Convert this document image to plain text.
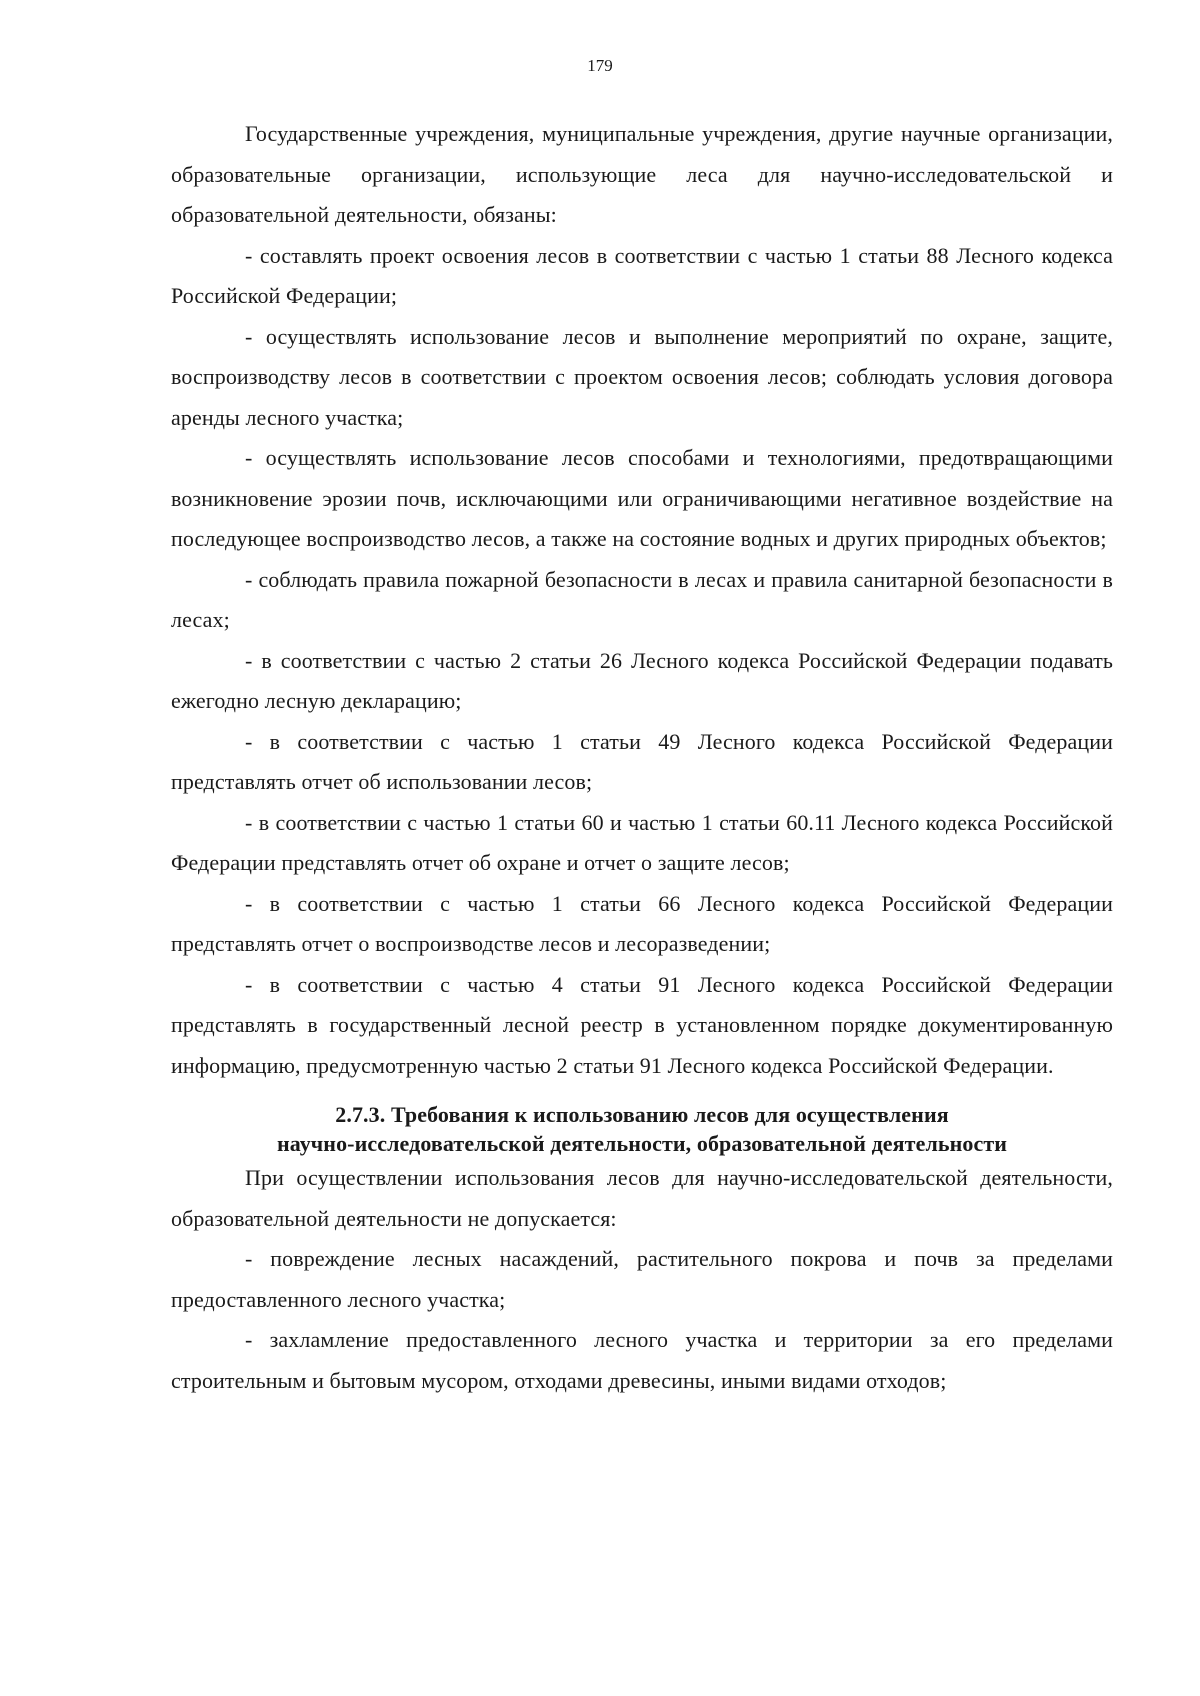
179

Государственные учреждения, муниципальные учреждения, другие научные организации, образовательные организации, использующие леса для научно-исследовательской и образовательной деятельности, обязаны:

- составлять проект освоения лесов в соответствии с частью 1 статьи 88 Лесного кодекса Российской Федерации;

- осуществлять использование лесов и выполнение мероприятий по охране, защите, воспроизводству лесов в соответствии с проектом освоения лесов; соблюдать условия договора аренды лесного участка;

- осуществлять использование лесов способами и технологиями, предотвращающими возникновение эрозии почв, исключающими или ограничивающими негативное воздействие на последующее воспроизводство лесов, а также на состояние водных и других природных объектов;

- соблюдать правила пожарной безопасности в лесах и правила санитарной безопасности в лесах;

- в соответствии с частью 2 статьи 26 Лесного кодекса Российской Федерации подавать ежегодно лесную декларацию;

- в соответствии с частью 1 статьи 49 Лесного кодекса Российской Федерации представлять отчет об использовании лесов;

- в соответствии с частью 1 статьи 60 и частью 1 статьи 60.11 Лесного кодекса Российской Федерации представлять отчет об охране и отчет о защите лесов;

- в соответствии с частью 1 статьи 66 Лесного кодекса Российской Федерации представлять отчет о воспроизводстве лесов и лесоразведении;

- в соответствии с частью 4 статьи 91 Лесного кодекса Российской Федерации представлять в государственный лесной реестр в установленном порядке документированную информацию, предусмотренную частью 2 статьи 91 Лесного кодекса Российской Федерации.

2.7.3. Требования к использованию лесов для осуществления
научно-исследовательской деятельности, образовательной деятельности

При осуществлении использования лесов для научно-исследовательской деятельности, образовательной деятельности не допускается:

- повреждение лесных насаждений, растительного покрова и почв за пределами предоставленного лесного участка;

- захламление предоставленного лесного участка и территории за его пределами строительным и бытовым мусором, отходами древесины, иными видами отходов;
